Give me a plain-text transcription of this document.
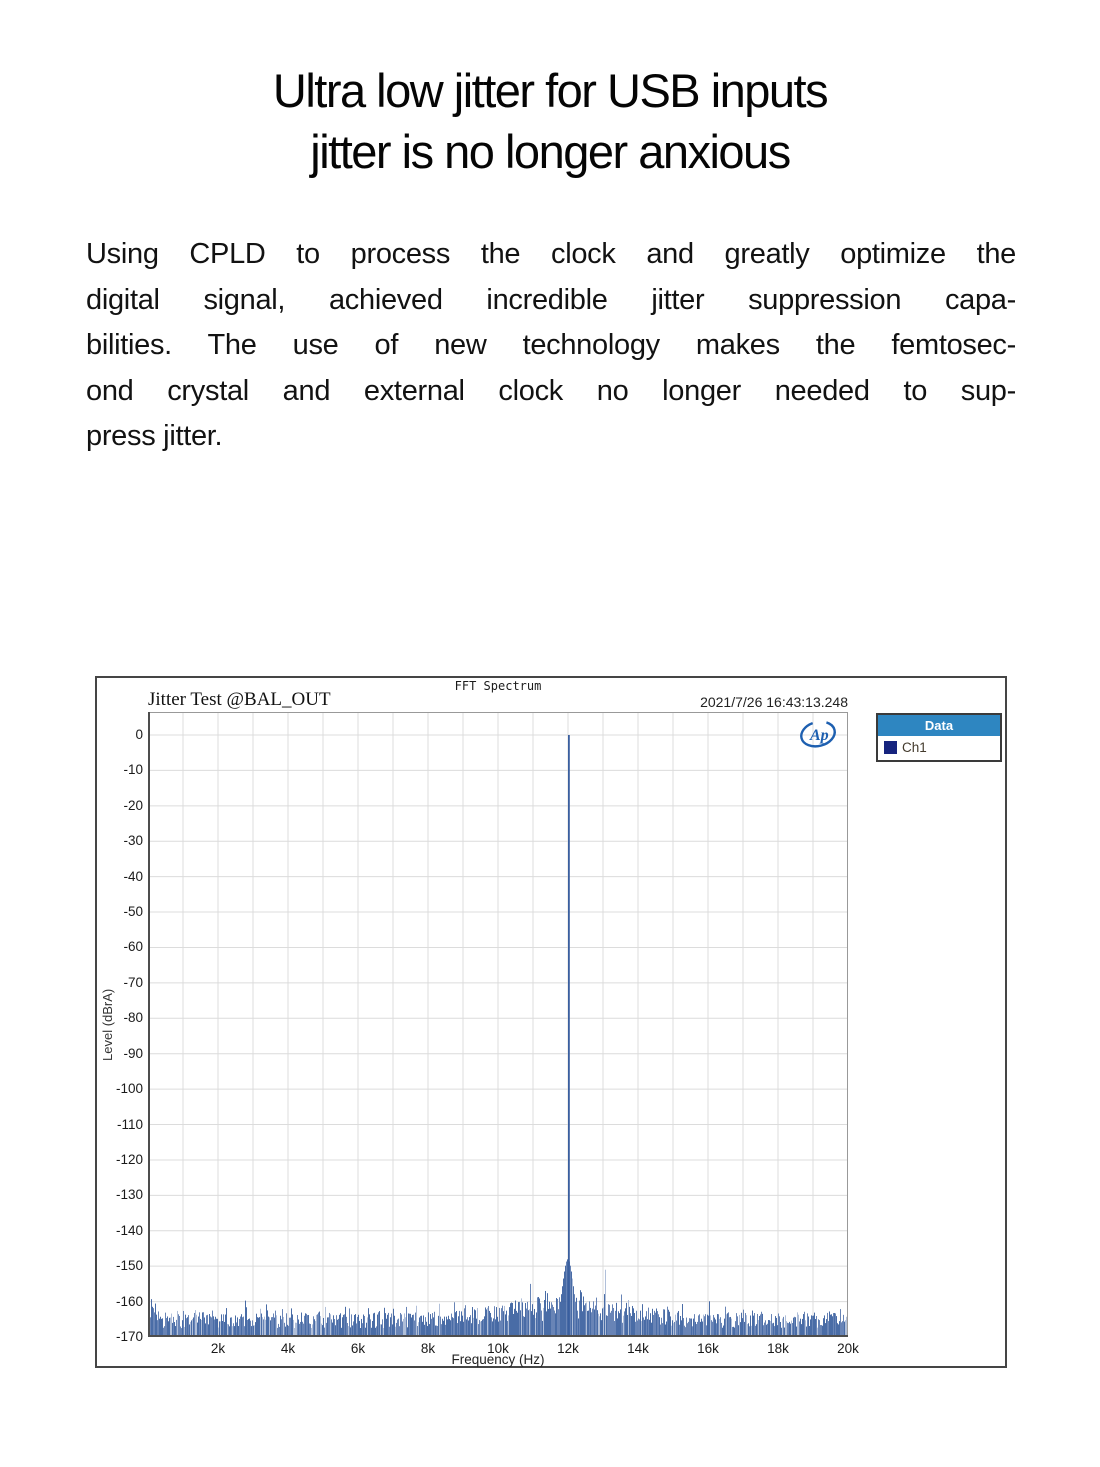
Ultra low jitter for USB inputs
jitter is no longer anxious
Using CPLD to process the clock and greatly optimize the
digital signal, achieved incredible jitter suppression capa-
bilities. The use of new technology makes the femtosec-
ond crystal and external clock no longer needed to sup-
press jitter.
FFT Spectrum
Jitter Test @BAL_OUT	2021/7/26 16:43:13.248
Level (dBrA)
0
-10
-20
-30
-40
-50
-60
-70
-80
-90
-100
-110
-120
-130
-140
-150
-160
-170
2k	4k	6k	8k	10k	12k	14k	16k	18k	20k
Frequency (Hz)
Ap
Data
Ch1
